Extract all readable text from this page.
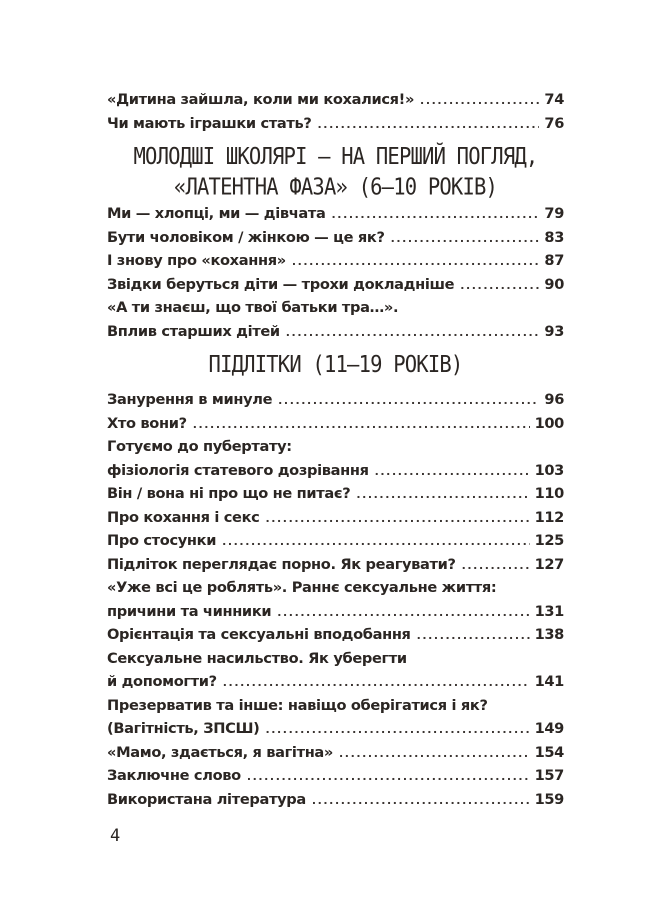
«Дитина зайшла, коли ми кохалися!» .....	74
Чи мають іграшки стать? .....	76
МОЛОДШІ ШКОЛЯРІ — НА ПЕРШИЙ ПОГЛЯД,
«ЛАТЕНТНА ФАЗА» (6—10 РОКІВ)
Ми — хлопці, ми — дівчата .....	79
Бути чоловіком / жінкою — це як? .....	83
І знову про «кохання» .....	87
Звідки беруться діти — трохи докладніше .....	90
«А ти знаєш, що твої батьки тра…».
Вплив старших дітей .....	93
ПІДЛІТКИ (11—19 РОКІВ)
Занурення в минуле .....	96
Хто вони? .....	100
Готуємо до пубертату:
фізіологія статевого дозрівання .....	103
Він / вона ні про що не питає? .....	110
Про кохання і секс .....	112
Про стосунки .....	125
Підліток переглядає порно. Як реагувати? .....	127
«Уже всі це роблять». Раннє сексуальне життя:
причини та чинники .....	131
Орієнтація та сексуальні вподобання .....	138
Сексуальне насильство. Як уберегти
й допомогти? .....	141
Презерватив та інше: навіщо оберігатися і як?
(Вагітність, ЗПСШ) .....	149
«Мамо, здається, я вагітна» .....	154
Заключне слово .....	157
Використана література .....	159
4
